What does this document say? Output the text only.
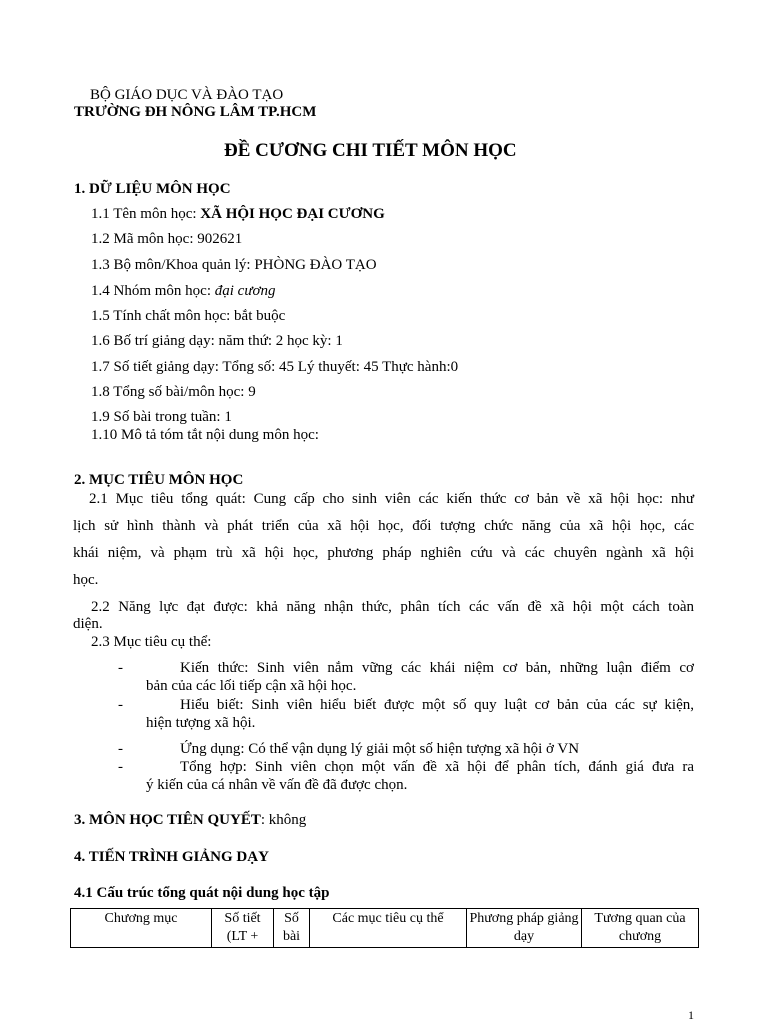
BỘ GIÁO DỤC VÀ ĐÀO TẠO
TRƯỜNG ĐH NÔNG LÂM TP.HCM
ĐỀ CƯƠNG CHI TIẾT MÔN HỌC
1. DỮ LIỆU MÔN HỌC
1.1 Tên môn học: XÃ HỘI HỌC ĐẠI CƯƠNG
1.2 Mã môn học: 902621
1.3 Bộ môn/Khoa quản lý: PHÒNG ĐÀO TẠO
1.4 Nhóm môn học: đại cương
1.5 Tính chất môn học: bắt buộc
1.6 Bố trí giảng dạy: năm thứ: 2 học kỳ: 1
1.7 Số tiết giảng dạy: Tổng số: 45 Lý thuyết: 45 Thực hành:0
1.8 Tổng số bài/môn học: 9
1.9 Số bài trong tuần: 1
1.10 Mô tả tóm tắt nội dung môn học:
2. MỤC TIÊU MÔN HỌC
2.1 Mục tiêu tổng quát: Cung cấp cho sinh viên các kiến thức cơ bản về xã hội học: như
lịch sử hình thành và phát triển của xã hội học, đối tượng chức năng của xã hội học, các
khái niệm, và phạm trù xã hội học, phương pháp nghiên cứu và các chuyên ngành xã hội
học.
2.2 Năng lực đạt được: khả năng nhận thức, phân tích các vấn đề xã hội một cách toàn
diện.
2.3 Mục tiêu cụ thể:
-	Kiến thức: Sinh viên nắm vững các khái niệm cơ bản, những luận điểm cơ
bản của các lối tiếp cận xã hội học.
-	Hiểu biết: Sinh viên hiểu biết được một số quy luật cơ bản của các sự kiện,
hiện tượng xã hội.
-	Ứng dụng: Có thể vận dụng lý giải một số hiện tượng xã hội ở VN
-	Tổng hợp: Sinh viên chọn một vấn đề xã hội để phân tích, đánh giá đưa ra
ý kiến của cá nhân về vấn đề đã được chọn.
3. MÔN HỌC TIÊN QUYẾT: không
4. TIẾN TRÌNH GIẢNG DẠY
4.1 Cấu trúc tổng quát nội dung học tập
Chương mục	Số tiết (LT +	Số bài	Các mục tiêu cụ thể	Phương pháp giảng dạy	Tương quan của chương
1
